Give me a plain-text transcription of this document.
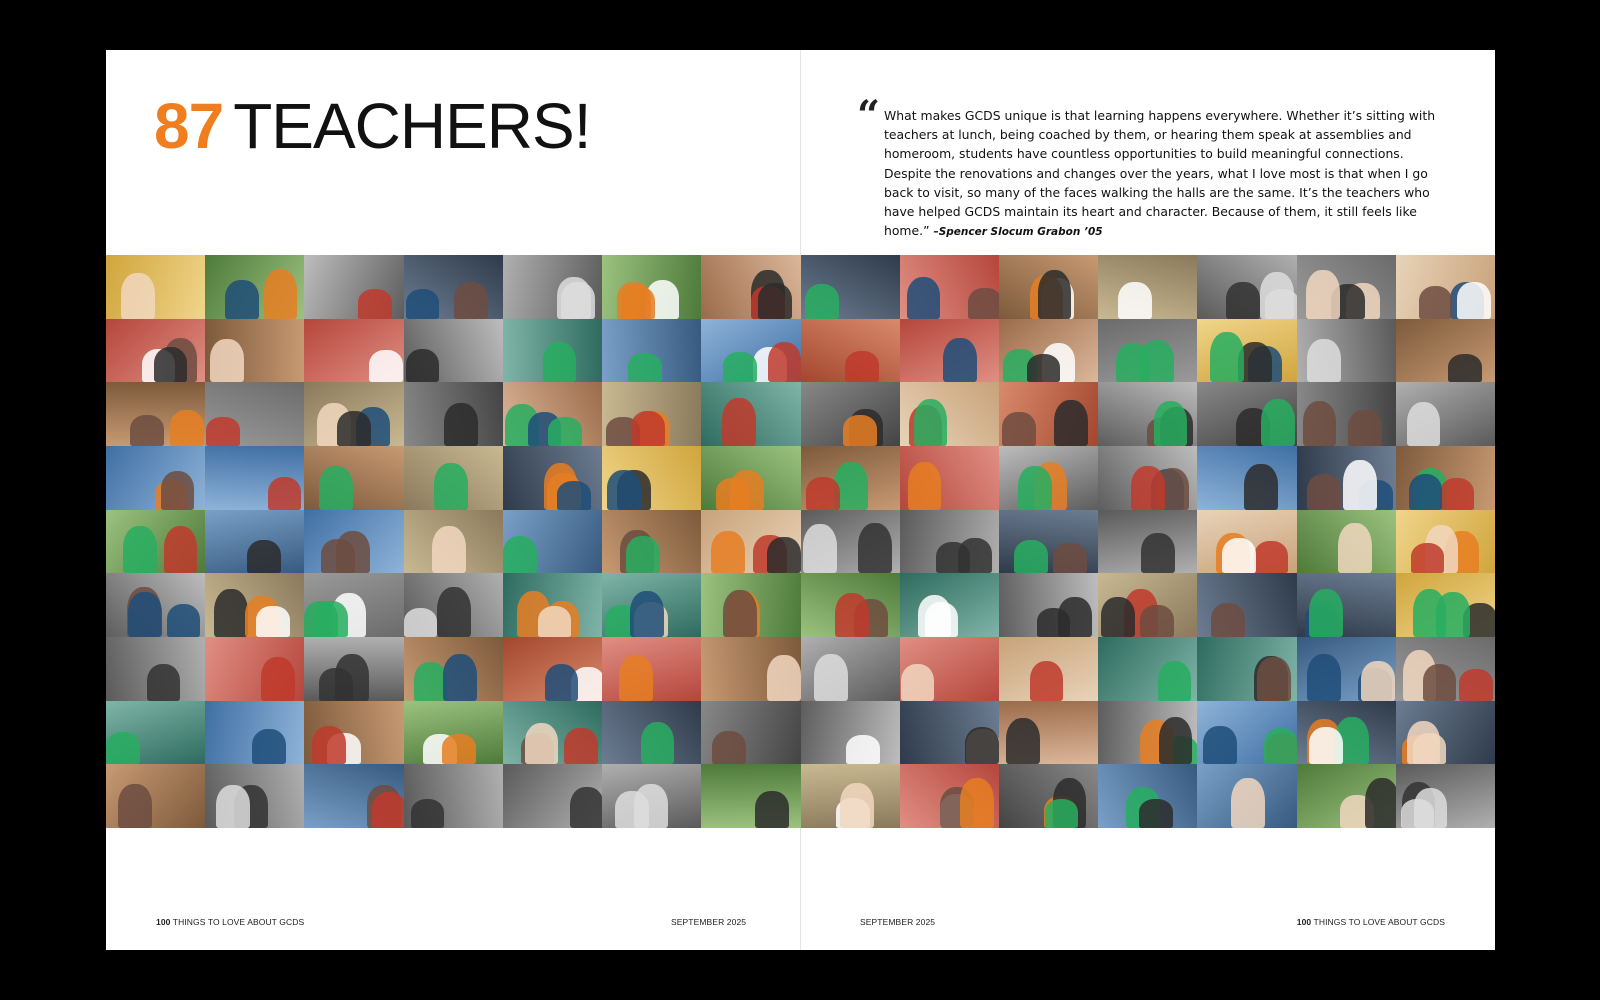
87 TEACHERS!	“ What makes GCDS unique is that learning happens everywhere. Whether it’s sitting with teachers at lunch, being coached by them, or hearing them speak at assemblies and homeroom, students have countless opportunities to build meaningful connections. Despite the renovations and changes over the years, what I love most is that when I go back to visit, so many of the faces walking the halls are the same. It’s the teachers who have helped GCDS maintain its heart and character. Because of them, it still feels like home.” –Spencer Slocum Grabon ’05

100 THINGS TO LOVE ABOUT GCDS	SEPTEMBER 2025	SEPTEMBER 2025	100 THINGS TO LOVE ABOUT GCDS
